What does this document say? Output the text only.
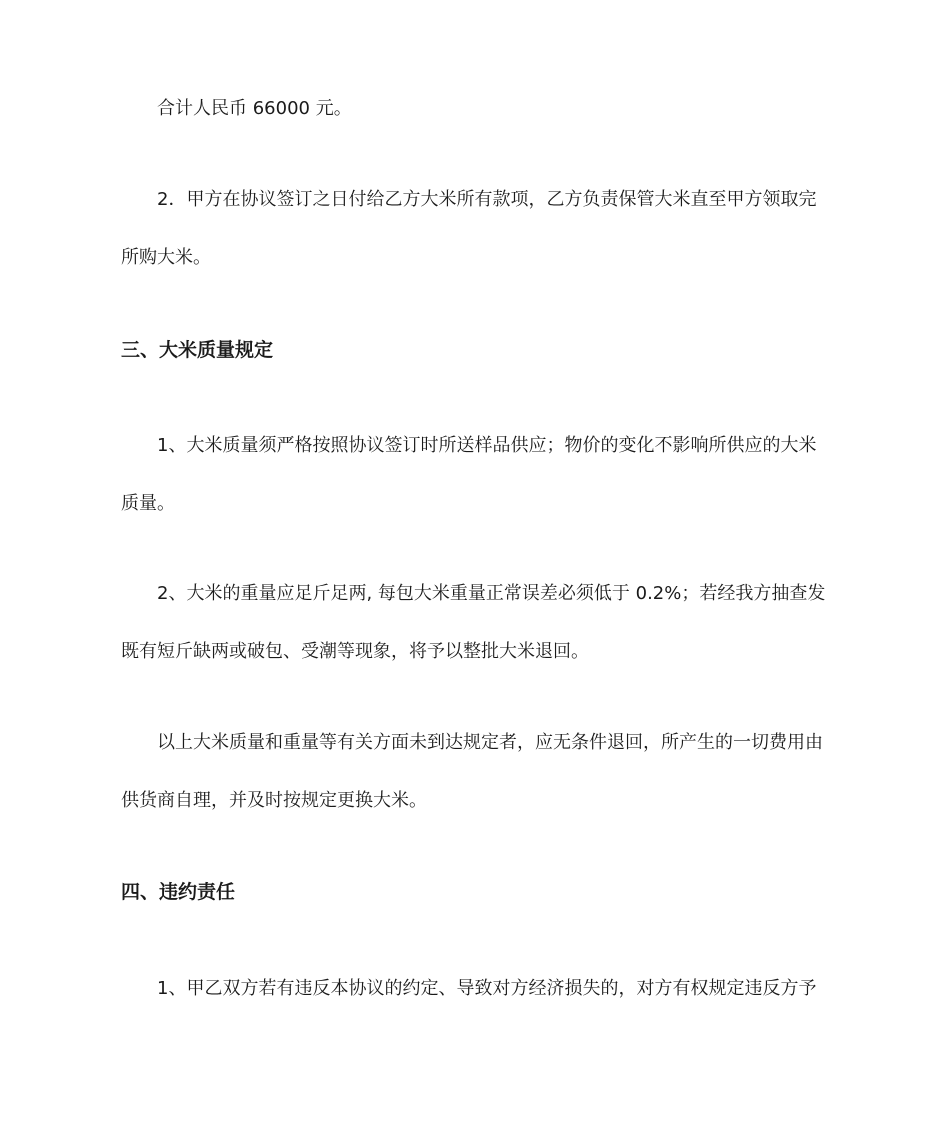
合计人民币 66000 元。
2．甲方在协议签订之日付给乙方大米所有款项，乙方负责保管大米直至甲方领取完
所购大米。
三、大米质量规定
1、大米质量须严格按照协议签订时所送样品供应；物价的变化不影响所供应的大米
质量。
2、大米的重量应足斤足两, 每包大米重量正常误差必须低于 0.2%；若经我方抽查发
既有短斤缺两或破包、受潮等现象，将予以整批大米退回。
以上大米质量和重量等有关方面未到达规定者，应无条件退回，所产生的一切费用由
供货商自理，并及时按规定更换大米。
四、违约责任
1、甲乙双方若有违反本协议的约定、导致对方经济损失的，对方有权规定违反方予
